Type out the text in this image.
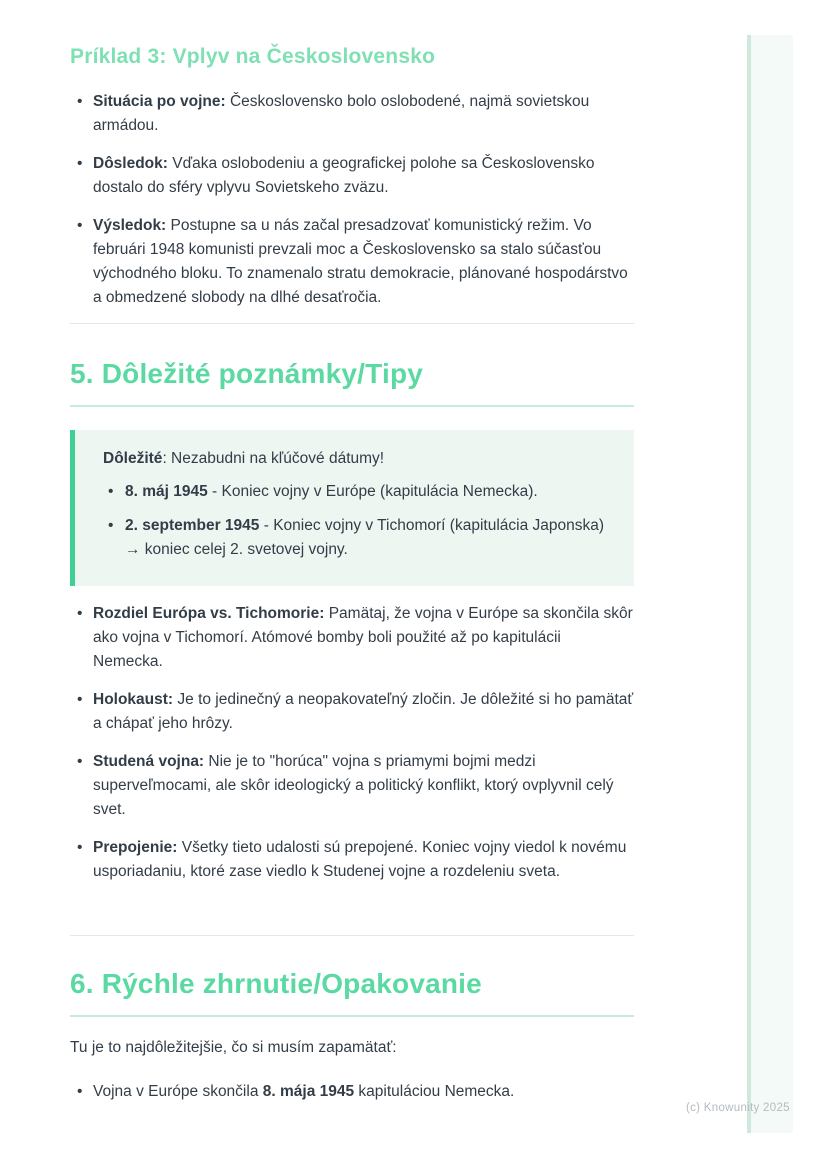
Príklad 3: Vplyv na Československo
• Situácia po vojne: Československo bolo oslobodené, najmä sovietskou armádou.
• Dôsledok: Vďaka oslobodeniu a geografickej polohe sa Československo dostalo do sféry vplyvu Sovietskeho zväzu.
• Výsledok: Postupne sa u nás začal presadzovať komunistický režim. Vo februári 1948 komunisti prevzali moc a Československo sa stalo súčasťou východného bloku. To znamenalo stratu demokracie, plánované hospodárstvo a obmedzené slobody na dlhé desaťročia.
5. Dôležité poznámky/Tipy

Dôležité: Nezabudni na kľúčové dátumy!

• 8. máj 1945 - Koniec vojny v Európe (kapitulácia Nemecka).
• 2. september 1945 - Koniec vojny v Tichomorí (kapitulácia Japonska) → koniec celej 2. svetovej vojny.
• Rozdiel Európa vs. Tichomorie: Pamätaj, že vojna v Európe sa skončila skôr ako vojna v Tichomorí. Atómové bomby boli použité až po kapitulácii Nemecka.
• Holokaust: Je to jedinečný a neopakovateľný zločin. Je dôležité si ho pamätať a chápať jeho hrôzy.
• Studená vojna: Nie je to "horúca" vojna s priamymi bojmi medzi superveľmocami, ale skôr ideologický a politický konflikt, ktorý ovplyvnil celý svet.
• Prepojenie: Všetky tieto udalosti sú prepojené. Koniec vojny viedol k novému usporiadaniu, ktoré zase viedlo k Studenej vojne a rozdeleniu sveta.
6. Rýchle zhrnutie/Opakovanie

Tu je to najdôležitejšie, čo si musím zapamätať:

• Vojna v Európe skončila 8. mája 1945 kapituláciou Nemecka.
(c) Knowunity 2025
